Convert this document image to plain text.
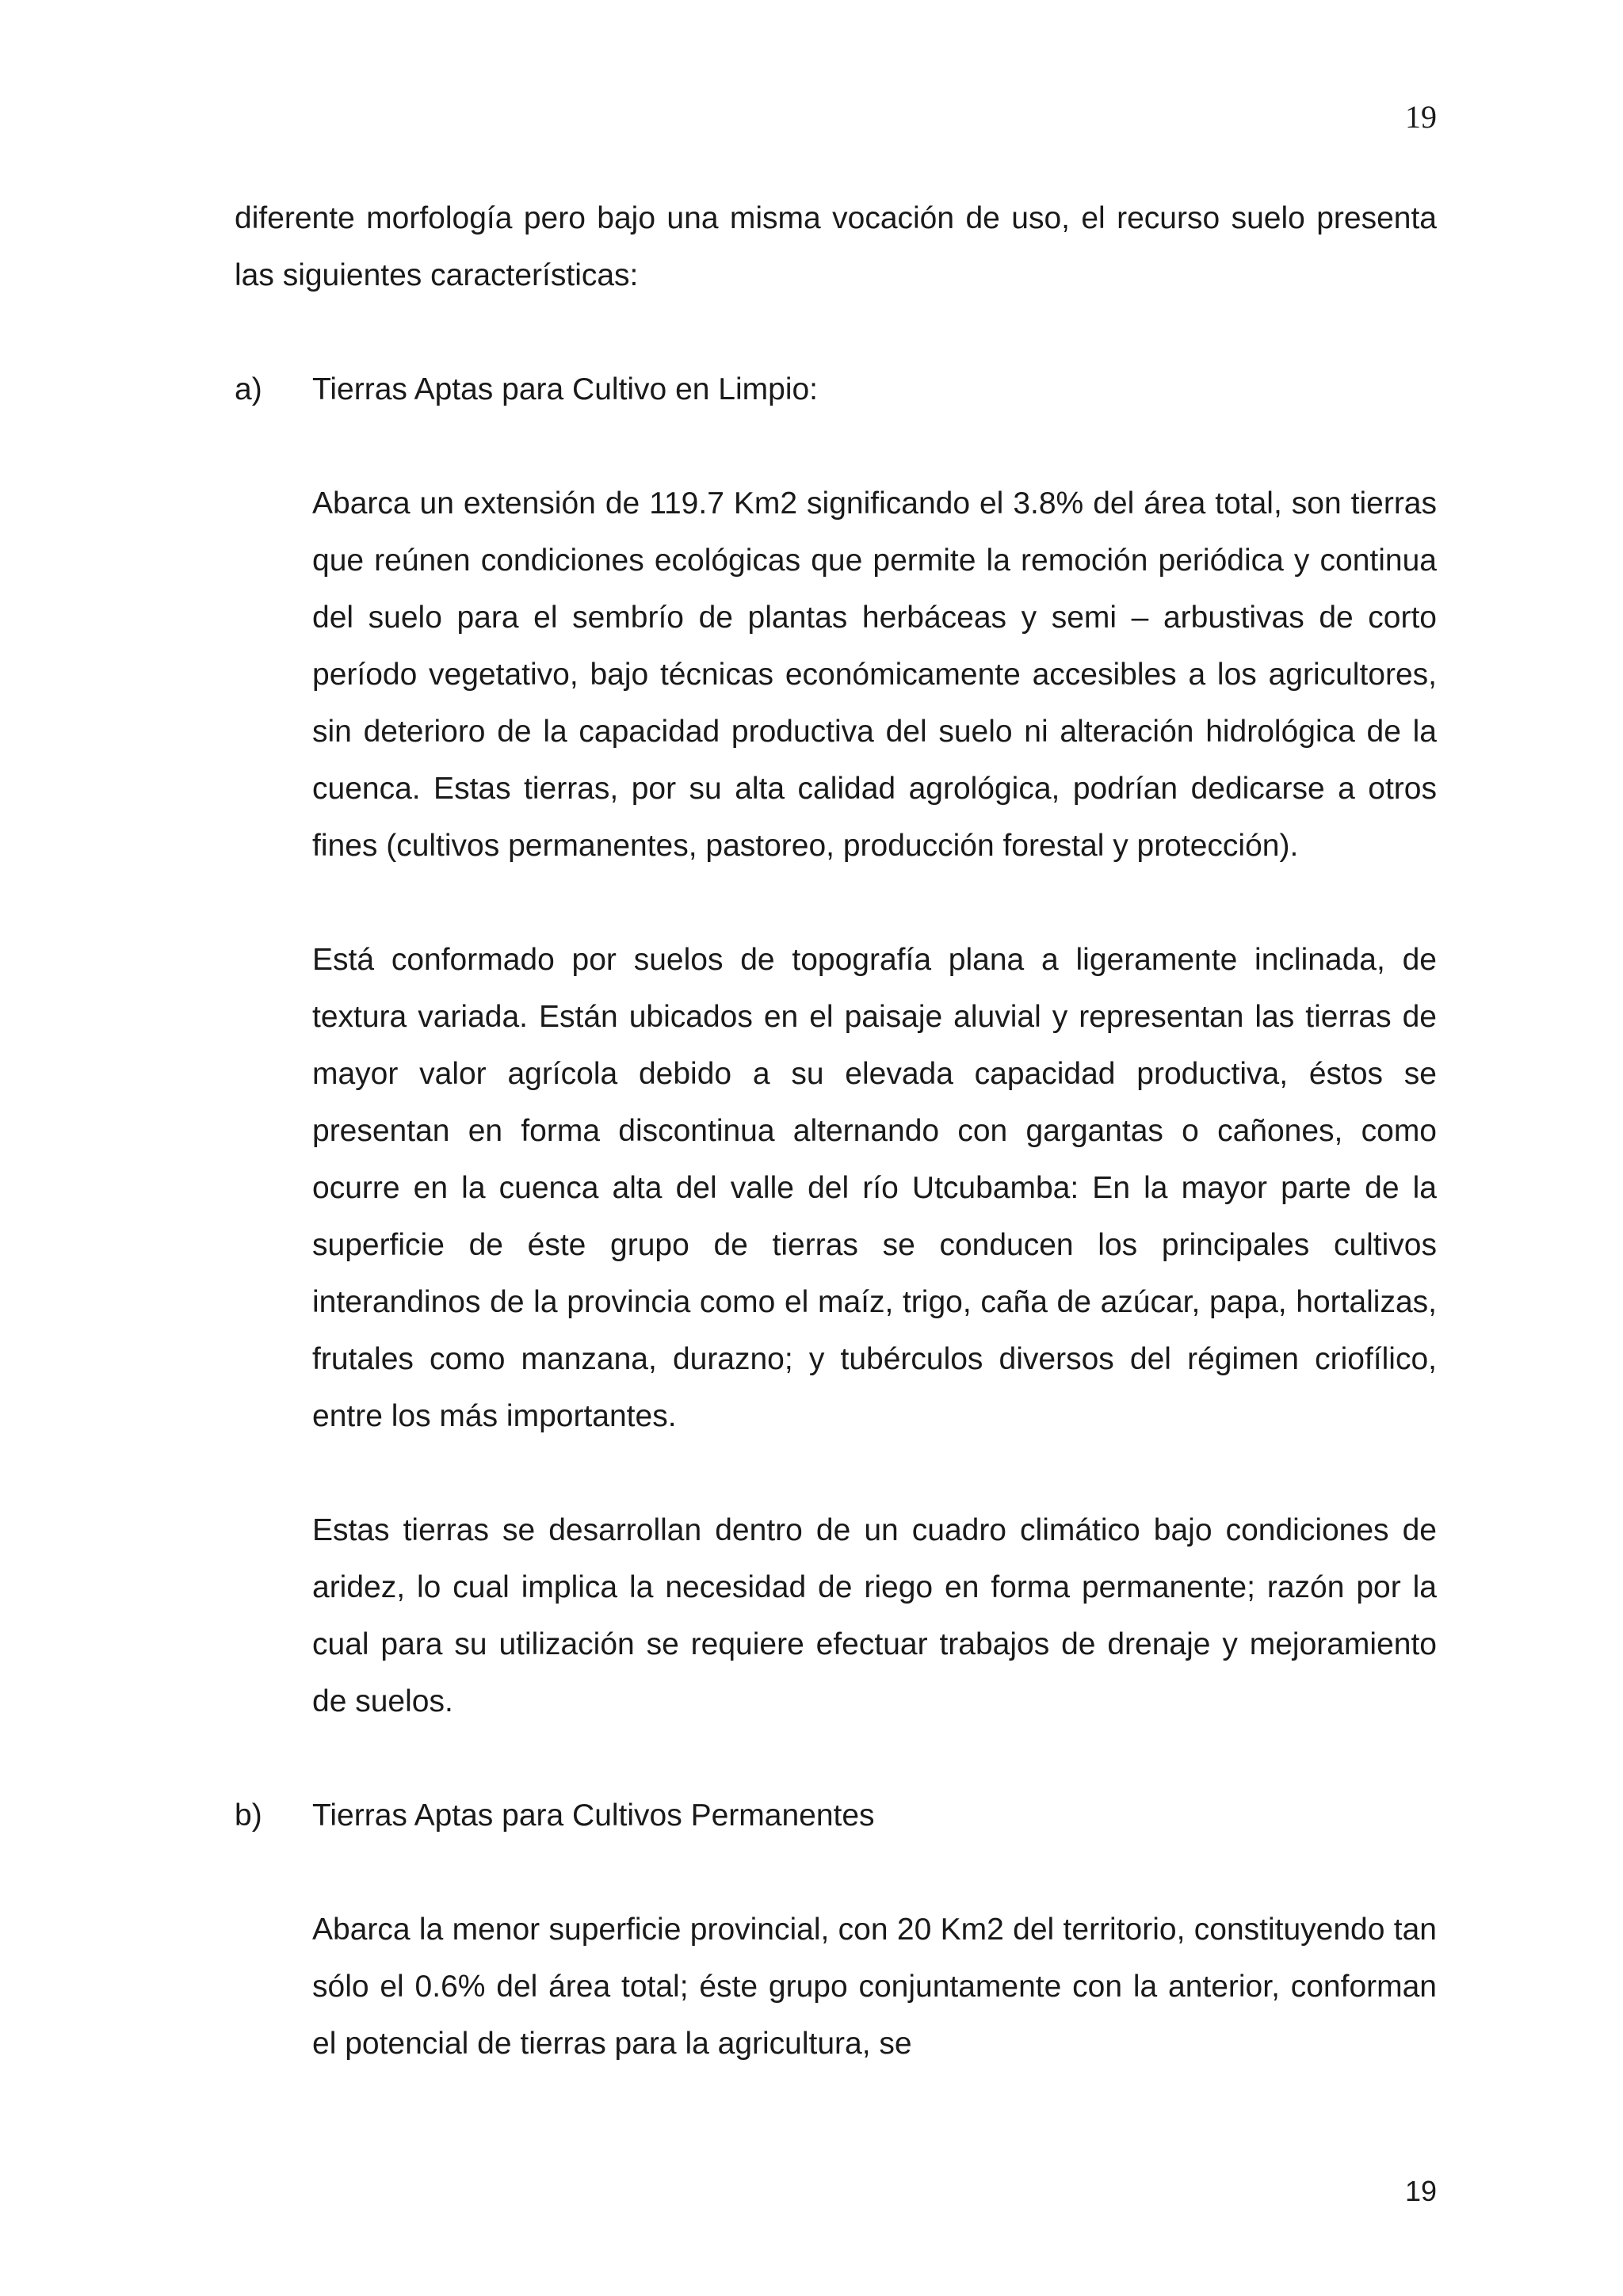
19

diferente morfología pero bajo una misma vocación de uso, el recurso suelo presenta las siguientes características:

a) Tierras Aptas para Cultivo en Limpio:

Abarca un extensión de 119.7 Km2 significando el 3.8% del área total, son tierras que reúnen condiciones ecológicas que permite la remoción periódica y continua del suelo para el sembrío de plantas herbáceas y semi – arbustivas de corto período vegetativo, bajo técnicas económicamente accesibles a los agricultores, sin deterioro de la capacidad productiva del suelo ni alteración hidrológica de la cuenca. Estas tierras, por su alta calidad agrológica, podrían dedicarse a otros fines (cultivos permanentes, pastoreo, producción forestal y protección).

Está conformado por suelos de topografía plana a ligeramente inclinada, de textura variada. Están ubicados en el paisaje aluvial y representan las tierras de mayor valor agrícola debido a su elevada capacidad productiva, éstos se presentan en forma discontinua alternando con gargantas o cañones, como ocurre en la cuenca alta del valle del río Utcubamba: En la mayor parte de la superficie de éste grupo de tierras se conducen los principales cultivos interandinos de la provincia como el maíz, trigo, caña de azúcar, papa, hortalizas, frutales como manzana, durazno; y tubérculos diversos del régimen criofílico, entre los más importantes.

Estas tierras se desarrollan dentro de un cuadro climático bajo condiciones de aridez, lo cual implica la necesidad de riego en forma permanente; razón por la cual para su utilización se requiere efectuar trabajos de drenaje y mejoramiento de suelos.

b) Tierras Aptas para Cultivos Permanentes

Abarca la menor superficie provincial, con 20 Km2 del territorio, constituyendo tan sólo el 0.6% del área total; éste grupo conjuntamente con la anterior, conforman el potencial de tierras para la agricultura, se

19
